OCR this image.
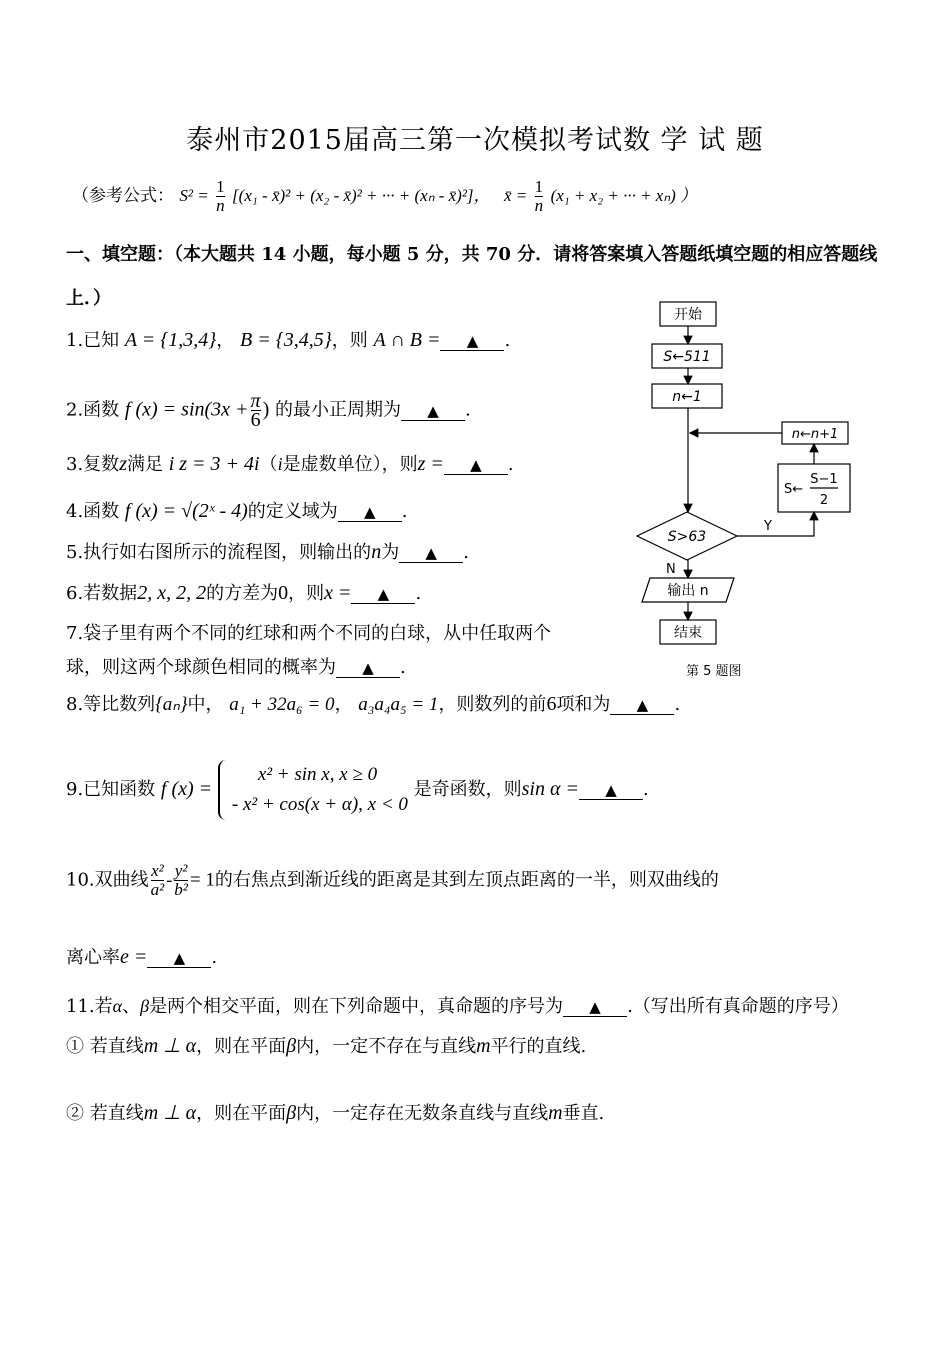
泰州市2015届高三第一次模拟考试数 学 试 题
（参考公式： $S^2 = \frac{1}{n} [(x_1$ - x̄)² + (x₂ - x̄)² + ··· + (xₙ - x̄)²]， x̄ = $\frac{1}{n} (x_1 + x_2$ + ··· + xₙ) ）
一、填空题：（本大题共 14 小题，每小题 5 分，共 70 分．请将答案填入答题纸填空题的相应答题线
上．）
1.已知 A = {1,3,4}， B = {3,4,5}，则 A ∩ B = ▲ .
2.函数 f $(x) = \sin(3x + \frac{\pi}{6}$ ) 的最小正周期为 ▲ .
3.复数z满足 i z = 3 + 4i（i是虚数单位），则z = ▲ .
4.函数 f (x) = √(2ˣ - 4)的定义域为 ▲ .
5.执行如右图所示的流程图，则输出的n为 ▲ .
6.若数据2, x, 2, 2的方差为0，则x = ▲ .
7.袋子里有两个不同的红球和两个不同的白球，从中任取两个
球，则这两个球颜色相同的概率为 ▲ .
8.等比数列{aₙ}中， a₁ + 32a₆ = 0， a₃a₄a₅ = 1，则数列的前6项和为 ▲ .
9.已知函数 f (x) =
x² + sin x, x ≥ 0
- x² + cos(x + α), x < 0
是奇函数，则sin α = ▲ .
10.双曲线 $\frac{\text{x²}}{\text{a²}} - \frac{\text{y²}}{\text{b²}} = 1$的右焦点到渐近线的距离是其到左顶点距离的一半，则双曲线的
离心率e = ▲ .
11.若α、β是两个相交平面，则在下列命题中，真命题的序号为 ▲ .（写出所有真命题的序号）
① 若直线m ⊥ α，则在平面β内，一定不存在与直线m平行的直线.
② 若直线m ⊥ α，则在平面β内，一定存在无数条直线与直线m垂直.
开始
S←511
n←1
S>63
Y
N
输出 n
结束
S←
S−1
2
n←n+1
第 5 题图
